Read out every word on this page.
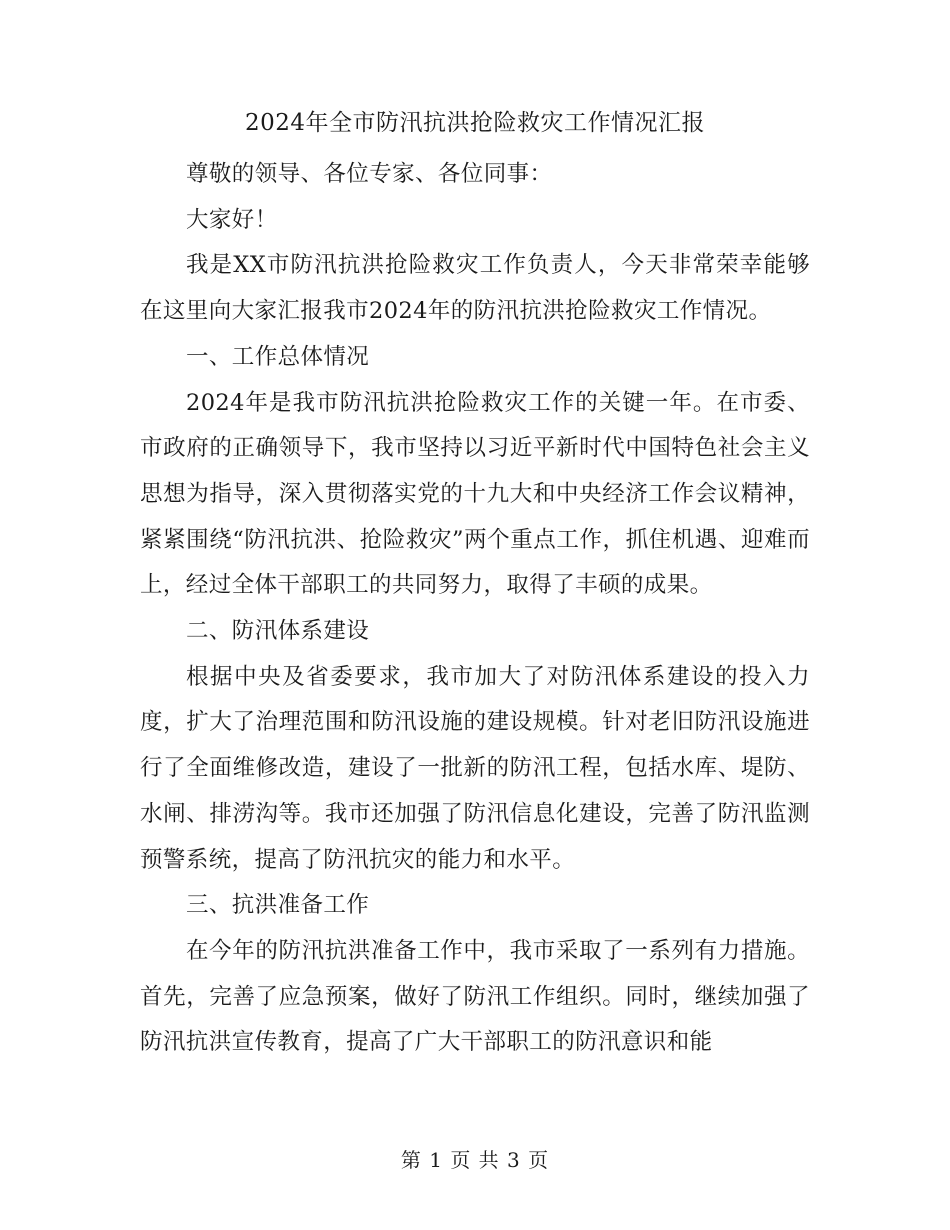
2024年全市防汛抗洪抢险救灾工作情况汇报

尊敬的领导、各位专家、各位同事：

大家好！

我是XX市防汛抗洪抢险救灾工作负责人，今天非常荣幸能够在这里向大家汇报我市2024年的防汛抗洪抢险救灾工作情况。

一、工作总体情况

2024年是我市防汛抗洪抢险救灾工作的关键一年。在市委、市政府的正确领导下，我市坚持以习近平新时代中国特色社会主义思想为指导，深入贯彻落实党的十九大和中央经济工作会议精神，紧紧围绕“防汛抗洪、抢险救灾”两个重点工作，抓住机遇、迎难而上，经过全体干部职工的共同努力，取得了丰硕的成果。

二、防汛体系建设

根据中央及省委要求，我市加大了对防汛体系建设的投入力度，扩大了治理范围和防汛设施的建设规模。针对老旧防汛设施进行了全面维修改造，建设了一批新的防汛工程，包括水库、堤防、水闸、排涝沟等。我市还加强了防汛信息化建设，完善了防汛监测预警系统，提高了防汛抗灾的能力和水平。

三、抗洪准备工作

在今年的防汛抗洪准备工作中，我市采取了一系列有力措施。首先，完善了应急预案，做好了防汛工作组织。同时，继续加强了防汛抗洪宣传教育，提高了广大干部职工的防汛意识和能

第 1 页 共 3 页
